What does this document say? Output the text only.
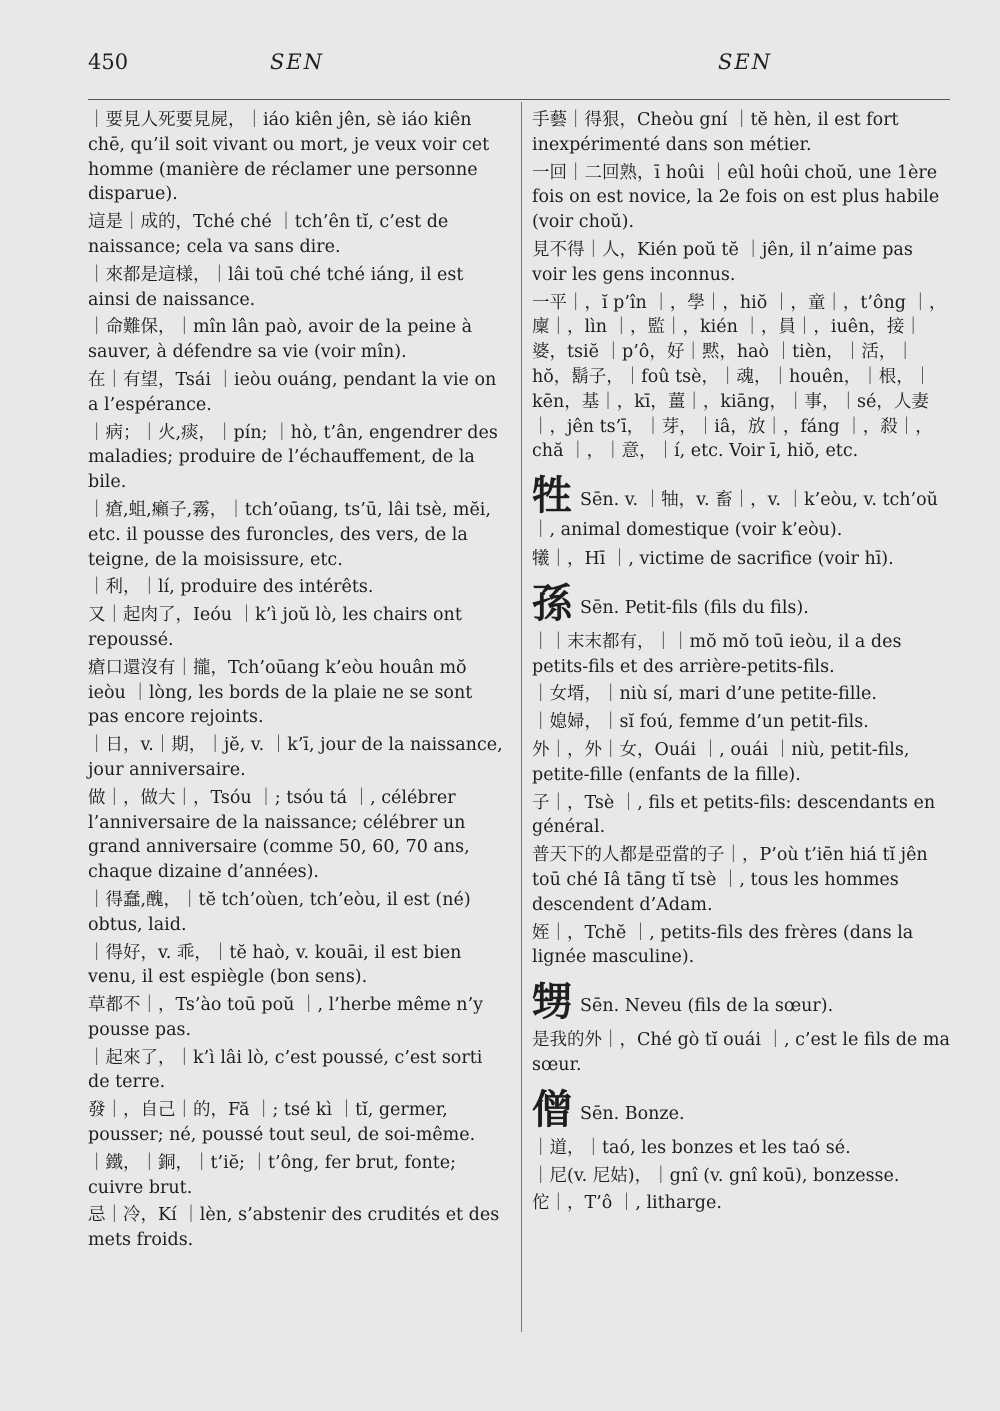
450	SEN	SEN
｜要見人死要見屍，｜iáo kiên jên, sè iáo kiên chē, qu’il soit vivant ou mort, je veux voir cet homme (manière de réclamer une personne disparue).
這是｜成的，Tché ché ｜tch’ên tĭ, c’est de naissance; cela va sans dire.
｜來都是這様，｜lâi toū ché tché iáng, il est ainsi de naissance.
｜命難保，｜mîn lân paò, avoir de la peine à sauver, à défendre sa vie (voir mîn).
在｜有望，Tsái ｜ieòu ouáng, pendant la vie on a l’espérance.
｜病；｜火,痰，｜pín; ｜hò, t’ân, engendrer des maladies; produire de l’échauffement, de la bile.
｜瘡,蛆,癩子,霧，｜tch’oūang, ts’ū, lâi tsè, mĕi, etc. il pousse des furoncles, des vers, de la teigne, de la moisissure, etc.
｜利，｜lí, produire des intérêts.
又｜起肉了，Ieóu ｜k’ì joŭ lò, les chairs ont repoussé.
瘡口還沒有｜攏，Tch’oūang k’eòu houân mŏ ieòu ｜lòng, les bords de la plaie ne se sont pas encore rejoints.
｜日，v.｜期，｜jĕ, v. ｜k’ī, jour de la naissance, jour anniversaire.
做｜，做大｜，Tsóu ｜; tsóu tá ｜, célébrer l’anniversaire de la naissance; célébrer un grand anniversaire (comme 50, 60, 70 ans, chaque dizaine d’années).
｜得蠢,醜，｜tĕ tch’oùen, tch’eòu, il est (né) obtus, laid.
｜得好，v. 乖，｜tĕ haò, v. kouāi, il est bien venu, il est espiègle (bon sens).
草都不｜，Ts’ào toū poŭ ｜, l’herbe même n’y pousse pas.
｜起來了，｜k’ì lâi lò, c’est poussé, c’est sorti de terre.
發｜，自己｜的，Fă ｜; tsé kì ｜tĭ, germer, pousser; né, poussé tout seul, de soi-même.
｜鐵，｜銅，｜t’iĕ; ｜t’ông, fer brut, fonte; cuivre brut.
忌｜冷，Kí ｜lèn, s’abstenir des crudités et des mets froids.
手藝｜得狠，Cheòu gní ｜tĕ hèn, il est fort inexpérimenté dans son métier.
一回｜二回熟，ī hoûi ｜eûl hoûi choŭ, une 1ère fois on est novice, la 2e fois on est plus habile (voir choŭ).
見不得｜人，Kién poŭ tĕ ｜jên, il n’aime pas voir les gens inconnus.
一平｜，ĭ p’în ｜，學｜，hiŏ ｜，童｜，t’ông ｜，廩｜，lìn ｜，監｜，kién ｜，員｜，iuên，接｜婆，tsiĕ ｜p’ô，好｜黙，haò ｜tièn，｜活，｜hŏ，鬍子，｜foû tsè，｜魂，｜houên，｜根，｜kēn，基｜，kī，薑｜，kiāng，｜事，｜sé，人妻｜，jên ts’ī，｜芽，｜iâ，放｜，fáng ｜，殺｜，chă ｜，｜意，｜í, etc. Voir ī, hiŏ, etc.
牲 Sēn. v. ｜牰，v. 畜｜，v. ｜k’eòu, v. tch’oŭ ｜, animal domestique (voir k’eòu).
犧｜，Hī ｜, victime de sacrifice (voir hī).
孫 Sēn. Petit-fils (fils du fils).
｜｜末末都有，｜｜mŏ mŏ toū ieòu, il a des petits-fils et des arrière-petits-fils.
｜女壻，｜niù sí, mari d’une petite-fille.
｜媳婦，｜sĭ foú, femme d’un petit-fils.
外｜，外｜女，Ouái ｜, ouái ｜niù, petit-fils, petite-fille (enfants de la fille).
子｜，Tsè ｜, fils et petits-fils: descendants en général.
普天下的人都是亞當的子｜，P’où t’iēn hiá tĭ jên toū ché Iâ tāng tĭ tsè ｜, tous les hommes descendent d’Adam.
姪｜，Tchĕ ｜, petits-fils des frères (dans la lignée masculine).
甥 Sēn. Neveu (fils de la sœur).
是我的外｜，Ché gò tĭ ouái ｜, c’est le fils de ma sœur.
僧 Sēn. Bonze.
｜道，｜taó, les bonzes et les taó sé.
｜尼(v. 尼姑)，｜gnî (v. gnî koū), bonzesse.
佗｜，T’ô ｜, litharge.
